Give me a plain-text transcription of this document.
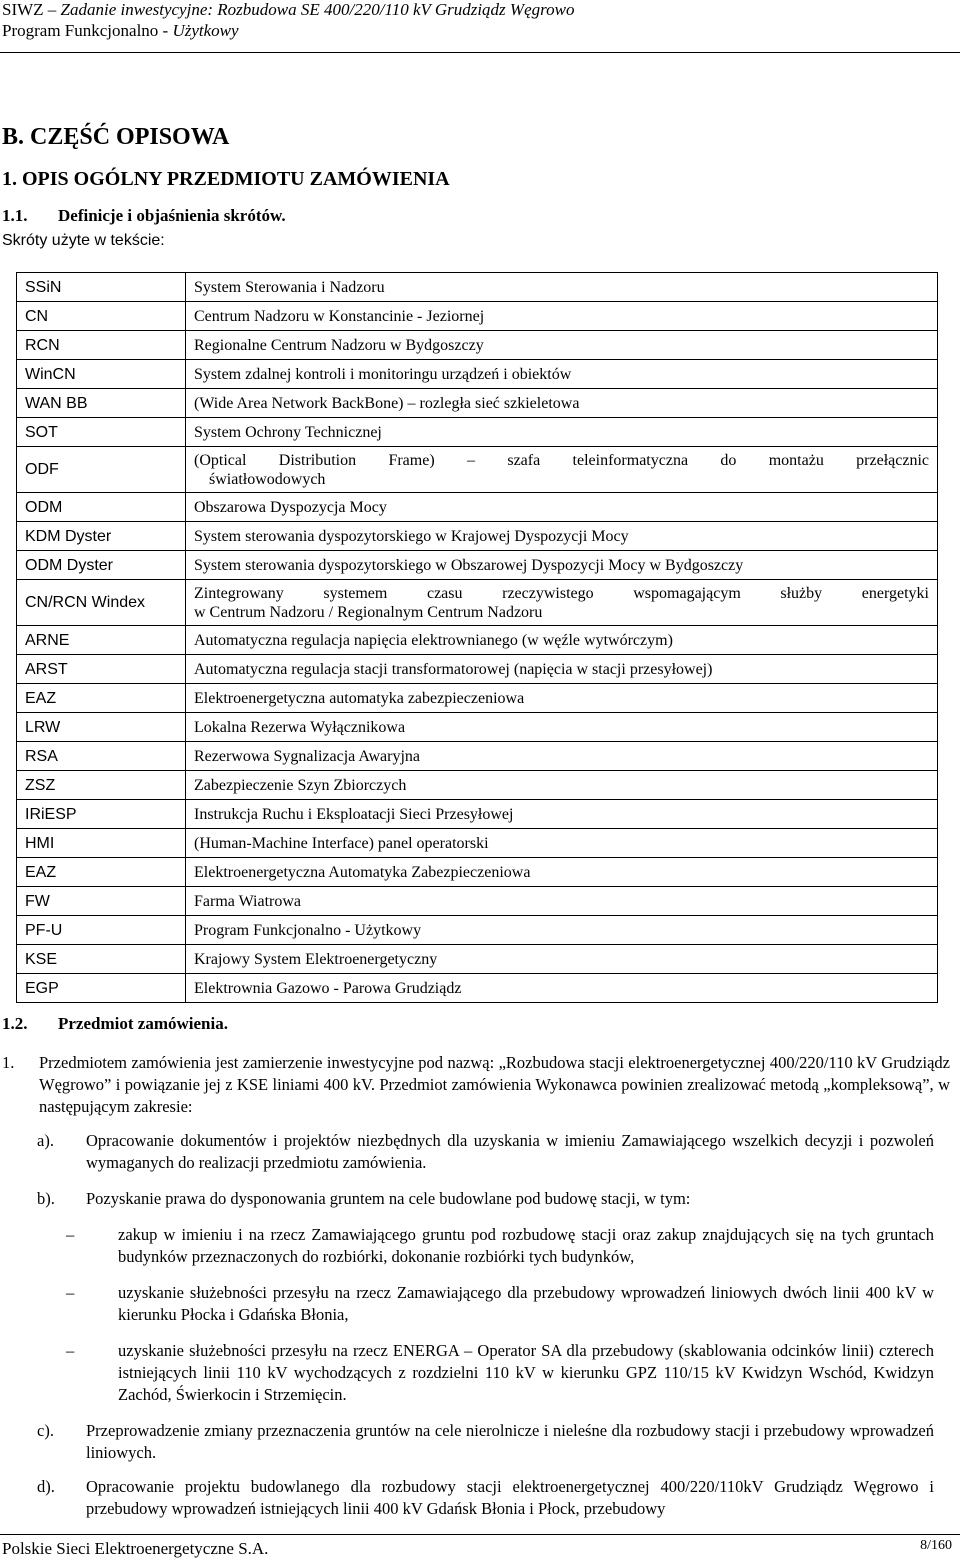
SIWZ – Zadanie inwestycyjne: Rozbudowa SE 400/220/110 kV Grudziądz Węgrowo
Program Funkcjonalno - Użytkowy
B. CZĘŚĆ OPISOWA
1. OPIS OGÓLNY PRZEDMIOTU ZAMÓWIENIA
1.1. Definicje i objaśnienia skrótów.
Skróty użyte w tekście:
SSiN	System Sterowania i Nadzoru
CN	Centrum Nadzoru w Konstancinie - Jeziornej
RCN	Regionalne Centrum Nadzoru w Bydgoszczy
WinCN	System zdalnej kontroli i monitoringu urządzeń i obiektów
WAN BB	(Wide Area Network BackBone) – rozległa sieć szkieletowa
SOT	System Ochrony Technicznej
ODF	(Optical Distribution Frame) – szafa teleinformatyczna do montażu przełącznic
światłowodowych

ODM	Obszarowa Dyspozycja Mocy
KDM Dyster	System sterowania dyspozytorskiego w Krajowej Dyspozycji Mocy
ODM Dyster	System sterowania dyspozytorskiego w Obszarowej Dyspozycji Mocy w Bydgoszczy
CN/RCN Windex	Zintegrowany systemem czasu rzeczywistego wspomagającym służby energetyki
w Centrum Nadzoru / Regionalnym Centrum Nadzoru

ARNE	Automatyczna regulacja napięcia elektrownianego (w węźle wytwórczym)
ARST	Automatyczna regulacja stacji transformatorowej (napięcia w stacji przesyłowej)
EAZ	Elektroenergetyczna automatyka zabezpieczeniowa
LRW	Lokalna Rezerwa Wyłącznikowa
RSA	Rezerwowa Sygnalizacja Awaryjna
ZSZ	Zabezpieczenie Szyn Zbiorczych
IRiESP	Instrukcja Ruchu i Eksploatacji Sieci Przesyłowej
HMI	(Human-Machine Interface) panel operatorski
EAZ	Elektroenergetyczna Automatyka Zabezpieczeniowa
FW	Farma Wiatrowa
PF-U	Program Funkcjonalno - Użytkowy
KSE	Krajowy System Elektroenergetyczny
EGP	Elektrownia Gazowo - Parowa Grudziądz
1.2. Przedmiot zamówienia.
1. Przedmiotem zamówienia jest zamierzenie inwestycyjne pod nazwą: „Rozbudowa stacji elektroenergetycznej 400/220/110 kV Grudziądz Węgrowo” i powiązanie jej z KSE liniami 400 kV. Przedmiot zamówienia Wykonawca powinien zrealizować metodą „kompleksową”, w następującym zakresie:
a). Opracowanie dokumentów i projektów niezbędnych dla uzyskania w imieniu Zamawiającego wszelkich decyzji i pozwoleń wymaganych do realizacji przedmiotu zamówienia.
b). Pozyskanie prawa do dysponowania gruntem na cele budowlane pod budowę stacji, w tym:
–	zakup w imieniu i na rzecz Zamawiającego gruntu pod rozbudowę stacji oraz zakup znajdujących się na tych gruntach budynków przeznaczonych do rozbiórki, dokonanie rozbiórki tych budynków,
–	uzyskanie służebności przesyłu na rzecz Zamawiającego dla przebudowy wprowadzeń liniowych dwóch linii 400 kV w kierunku Płocka i Gdańska Błonia,
–	uzyskanie służebności przesyłu na rzecz ENERGA – Operator SA dla przebudowy (skablowania odcinków linii) czterech istniejących linii 110 kV wychodzących z rozdzielni 110 kV w kierunku GPZ 110/15 kV Kwidzyn Wschód, Kwidzyn Zachód, Świerkocin i Strzemięcin.
c). Przeprowadzenie zmiany przeznaczenia gruntów na cele nierolnicze i nieleśne dla rozbudowy stacji i przebudowy wprowadzeń liniowych.
d). Opracowanie projektu budowlanego dla rozbudowy stacji elektroenergetycznej 400/220/110kV Grudziądz Węgrowo i przebudowy wprowadzeń istniejących linii 400 kV Gdańsk Błonia i Płock, przebudowy
Polskie Sieci Elektroenergetyczne S.A.	8/160
